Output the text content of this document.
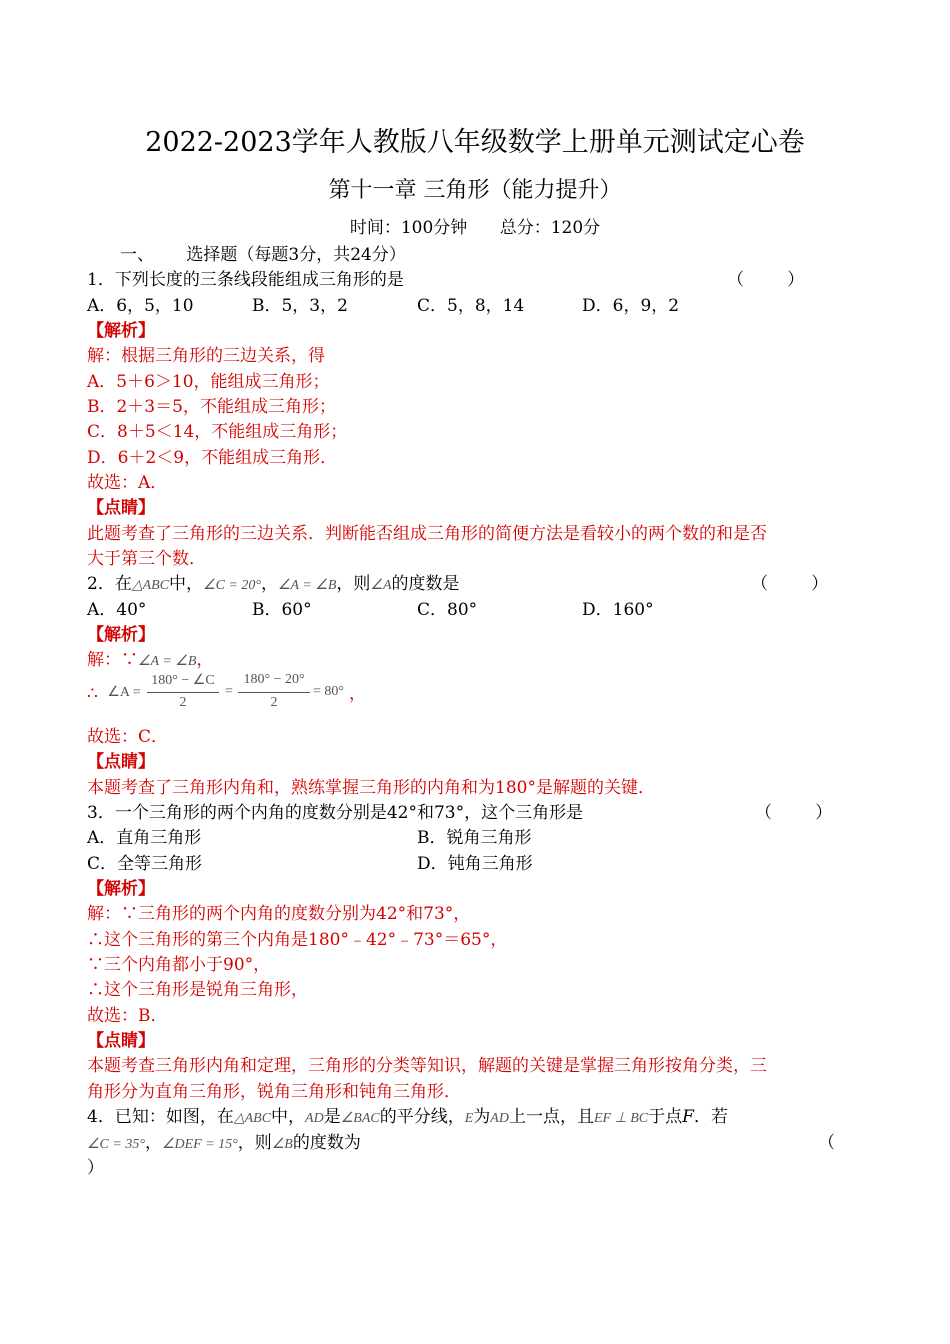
2022-2023学年人教版八年级数学上册单元测试定心卷
第十一章 三角形（能力提升）
时间：100分钟      总分：120分
一、      选择题（每题3分，共24分）
1．下列长度的三条线段能组成三角形的是	（        ）
A．6，5，10	B．5，3，2	C．5，8，14	D．6，9，2
【解析】
解：根据三角形的三边关系，得
A．5＋6＞10，能组成三角形；
B．2＋3＝5，不能组成三角形；
C．8＋5＜14，不能组成三角形；
D．6＋2＜9，不能组成三角形．
故选：A．
【点睛】
此题考查了三角形的三边关系．判断能否组成三角形的简便方法是看较小的两个数的和是否
大于第三个数．
2．在△ABC中，∠C = 20°，∠A = ∠B，则∠A的度数是	（        ）
A．40°	B．60°	C．80°	D．160°
【解析】
解：∵∠A = ∠B，
∴ ∠A =
180° − ∠C
2
=
180° − 20°
2
= 80° ，
故选：C．
【点睛】
本题考查了三角形内角和，熟练掌握三角形的内角和为180°是解题的关键．
3．一个三角形的两个内角的度数分别是42°和73°，这个三角形是	（        ）
A．直角三角形	B．锐角三角形
C．全等三角形	D．钝角三角形
【解析】
解：∵三角形的两个内角的度数分别为42°和73°，
∴这个三角形的第三个内角是180°﹣42°﹣73°＝65°，
∵三个内角都小于90°，
∴这个三角形是锐角三角形，
故选：B．
【点睛】
本题考查三角形内角和定理，三角形的分类等知识，解题的关键是掌握三角形按角分类，三
角形分为直角三角形，锐角三角形和钝角三角形．
4．已知：如图，在△ABC中，AD是∠BAC的平分线，E为AD上一点，且EF ⊥ BC于点F．若
∠C = 35°，∠DEF = 15°，则∠B的度数为	（
）
